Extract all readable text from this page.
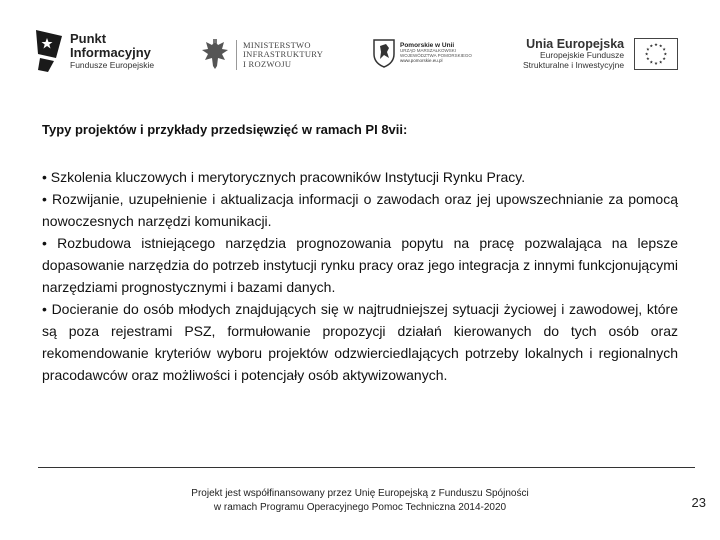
Punkt
Informacyjny
Fundusze Europejskie
MINISTERSTWO
INFRASTRUKTURY
I ROZWOJU
Pomorskie w Unii
URZĄD MARSZAŁKOWSKI
WOJEWÓDZTWA POMORSKIEGO
www.pomorskie.eu.pl
Unia Europejska
Europejskie Fundusze
Strukturalne i Inwestycyjne
Typy projektów i przykłady przedsięwzięć w ramach PI 8vii:

• Szkolenia kluczowych i merytorycznych pracowników Instytucji Rynku Pracy.

• Rozwijanie, uzupełnienie i aktualizacja informacji o zawodach oraz jej upowszechnianie za pomocą nowoczesnych narzędzi komunikacji.

• Rozbudowa istniejącego narzędzia prognozowania popytu na pracę pozwalająca na lepsze dopasowanie narzędzia do potrzeb instytucji rynku pracy oraz jego integracja z innymi funkcjonującymi narzędziami prognostycznymi i bazami danych.

• Docieranie do osób młodych znajdujących się w najtrudniejszej sytuacji życiowej i zawodowej, które są poza rejestrami PSZ, formułowanie propozycji działań kierowanych do tych osób oraz rekomendowanie kryteriów wyboru projektów odzwierciedlających potrzeby lokalnych i regionalnych pracodawców oraz możliwości i potencjały osób aktywizowanych.

Projekt jest współfinansowany przez Unię Europejską z Funduszu Spójności
w ramach Programu Operacyjnego Pomoc Techniczna 2014-2020	23
